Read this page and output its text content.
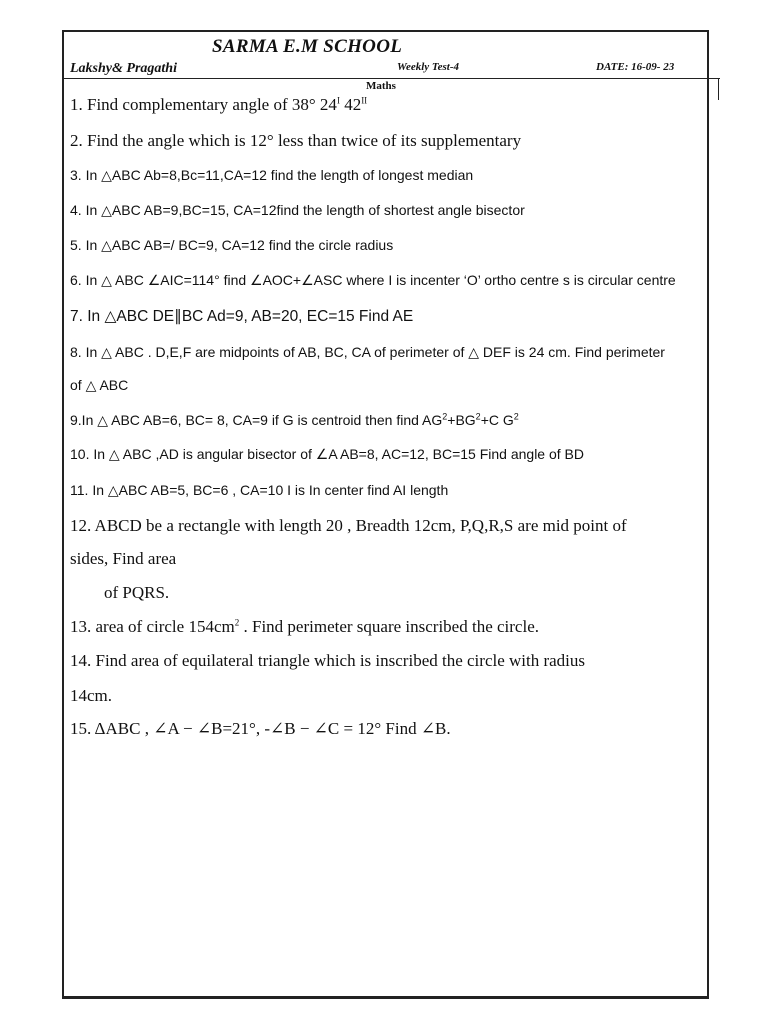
SARMA E.M SCHOOL
Lakshy& Pragathi	Weekly Test-4	DATE: 16-09- 23
Maths
1. Find complementary angle of 38° $24^I$ $42^{II}$
2. Find the angle which is 12° less than twice of its supplementary
3. In △ABC Ab=8,Bc=11,CA=12 find the length of longest median
4. In △ABC AB=9,BC=15, CA=12find the length of shortest angle bisector
5. In △ABC AB=/ BC=9, CA=12 find the circle radius
6. In △ ABC ∠AIC=114° find ∠AOC+∠ASC where I is incenter ‘O’ ortho centre s is circular centre
7. In △ABC DE∥BC Ad=9, AB=20, EC=15 Find AE
8. In △ ABC . D,E,F are midpoints of AB, BC, CA of perimeter of △ DEF is 24 cm. Find perimeter
of △ ABC
9.In △ ABC AB=6, BC= 8, CA=9 if G is centroid then find $AG^2+BG^2+C$ $G^2$
10. In △ ABC ,AD is angular bisector of ∠A AB=8, AC=12, BC=15 Find angle of BD
11. In △ABC AB=5, BC=6 , CA=10 I is In center find AI length
12. ABCD be a rectangle with length 20 , Breadth 12cm, P,Q,R,S are mid point of
sides, Find area
of PQRS.
13. area of circle $154cm^2$ . Find perimeter square inscribed the circle.
14. Find area of equilateral triangle which is inscribed the circle with radius
14cm.
15. ΔABC , ∠A − ∠B=21°, -∠B − ∠C = 12° Find ∠B.
